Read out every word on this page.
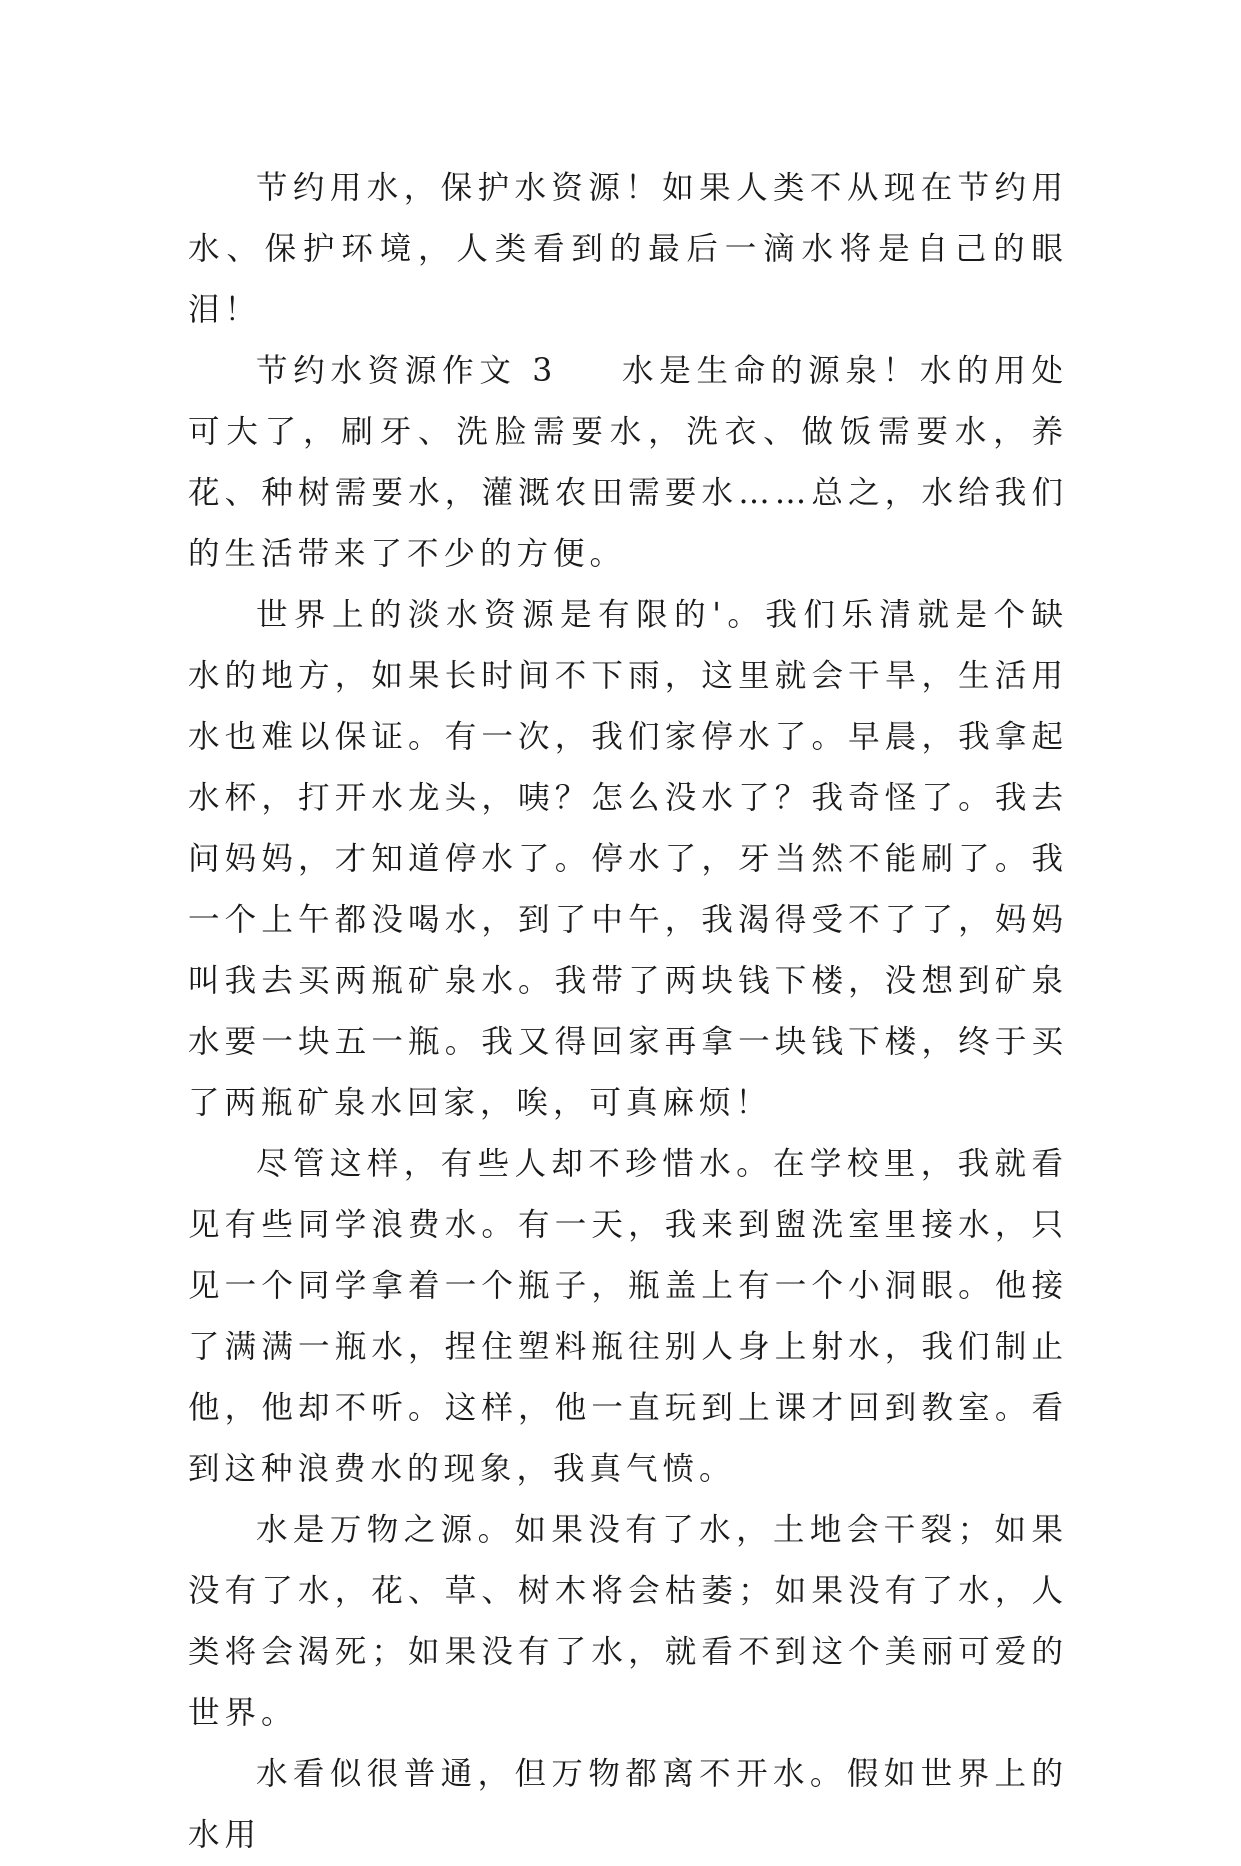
节约用水，保护水资源！如果人类不从现在节约用水、保护环境，人类看到的最后一滴水将是自己的眼泪！

节约水资源作文 3 水是生命的源泉！水的用处可大了，刷牙、洗脸需要水，洗衣、做饭需要水，养花、种树需要水，灌溉农田需要水……总之，水给我们的生活带来了不少的方便。

世界上的淡水资源是有限的'。我们乐清就是个缺水的地方，如果长时间不下雨，这里就会干旱，生活用水也难以保证。有一次，我们家停水了。早晨，我拿起水杯，打开水龙头，咦？怎么没水了？我奇怪了。我去问妈妈，才知道停水了。停水了，牙当然不能刷了。我一个上午都没喝水，到了中午，我渴得受不了了，妈妈叫我去买两瓶矿泉水。我带了两块钱下楼，没想到矿泉水要一块五一瓶。我又得回家再拿一块钱下楼，终于买了两瓶矿泉水回家，唉，可真麻烦！

尽管这样，有些人却不珍惜水。在学校里，我就看见有些同学浪费水。有一天，我来到盥洗室里接水，只见一个同学拿着一个瓶子，瓶盖上有一个小洞眼。他接了满满一瓶水，捏住塑料瓶往别人身上射水，我们制止他，他却不听。这样，他一直玩到上课才回到教室。看到这种浪费水的现象，我真气愤。

水是万物之源。如果没有了水，土地会干裂；如果没有了水，花、草、树木将会枯萎；如果没有了水，人类将会渴死；如果没有了水，就看不到这个美丽可爱的世界。

水看似很普通，但万物都离不开水。假如世界上的水用
